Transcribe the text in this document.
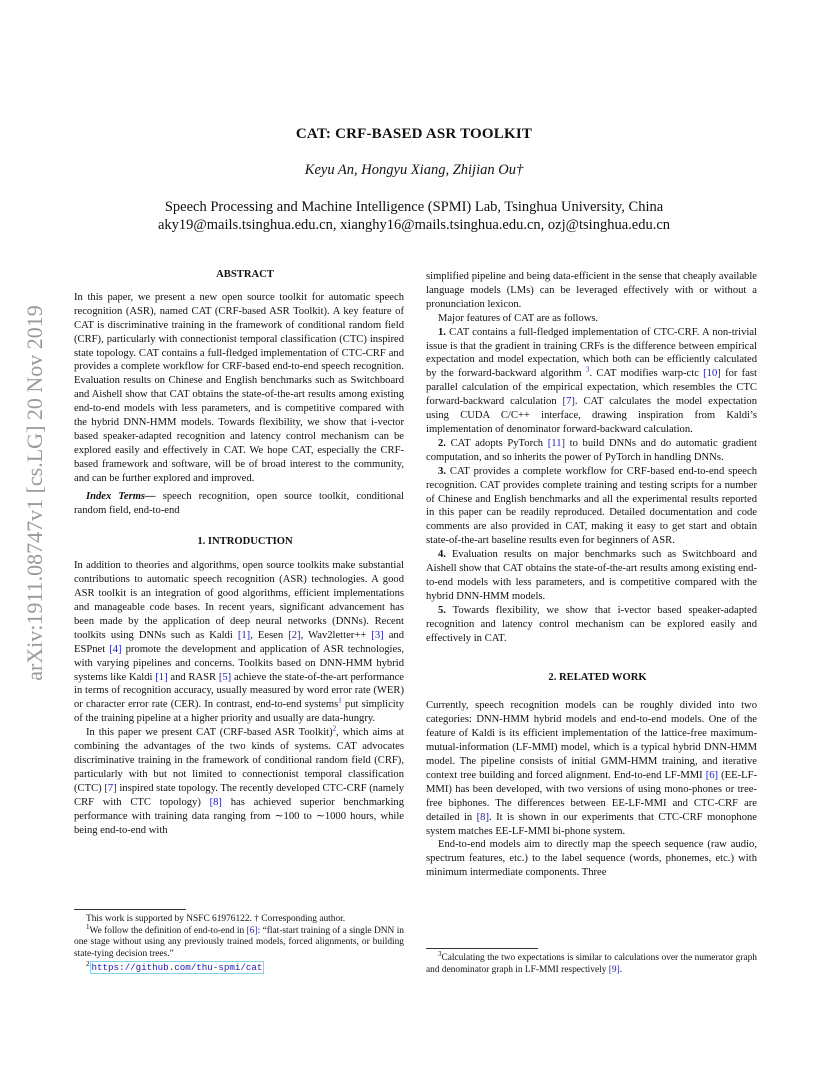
CAT: CRF-BASED ASR TOOLKIT
Keyu An, Hongyu Xiang, Zhijian Ou†
Speech Processing and Machine Intelligence (SPMI) Lab, Tsinghua University, China
aky19@mails.tsinghua.edu.cn, xianghy16@mails.tsinghua.edu.cn, ozj@tsinghua.edu.cn
arXiv:1911.08747v1 [cs.LG] 20 Nov 2019

ABSTRACT

In this paper, we present a new open source toolkit for automatic speech recognition (ASR), named CAT (CRF-based ASR Toolkit). A key feature of CAT is discriminative training in the framework of conditional random field (CRF), particularly with connectionist temporal classification (CTC) inspired state topology. CAT contains a full-fledged implementation of CTC-CRF and provides a complete workflow for CRF-based end-to-end speech recognition. Evaluation results on Chinese and English benchmarks such as Switchboard and Aishell show that CAT obtains the state-of-the-art results among existing end-to-end models with less parameters, and is competitive compared with the hybrid DNN-HMM models. Towards flexibility, we show that i-vector based speaker-adapted recognition and latency control mechanism can be explored easily and effectively in CAT. We hope CAT, especially the CRF-based framework and software, will be of broad interest to the community, and can be further explored and improved.

Index Terms— speech recognition, open source toolkit, conditional random field, end-to-end

1. INTRODUCTION

In addition to theories and algorithms, open source toolkits make substantial contributions to automatic speech recognition (ASR) technologies. A good ASR toolkit is an integration of good algorithms, efficient implementations and manageable code bases. In recent years, significant advancement has been made by the application of deep neural networks (DNNs). Recent toolkits using DNNs such as Kaldi [1], Eesen [2], Wav2letter++ [3] and ESPnet [4] promote the development and application of ASR technologies, with varying pipelines and concerns. Toolkits based on DNN-HMM hybrid systems like Kaldi [1] and RASR [5] achieve the state-of-the-art performance in terms of recognition accuracy, usually measured by word error rate (WER) or character error rate (CER). In contrast, end-to-end systems$^1$ put simplicity of the training pipeline at a higher priority and usually are data-hungry.

In this paper we present CAT (CRF-based ASR Toolkit)$^2$, which aims at combining the advantages of the two kinds of systems. CAT advocates discriminative training in the framework of conditional random field (CRF), particularly with but not limited to connectionist temporal classification (CTC) [7] inspired state topology. The recently developed CTC-CRF (namely CRF with CTC topology) [8] has achieved superior benchmarking performance with training data ranging from ∼100 to ∼1000 hours, while being end-to-end with

This work is supported by NSFC 61976122. † Corresponding author.

$^1$We follow the definition of end-to-end in [6]: “flat-start training of a single DNN in one stage without using any previously trained models, forced alignments, or building state-tying decision trees.”

$^2$ https://github.com/thu-spmi/cat

simplified pipeline and being data-efficient in the sense that cheaply available language models (LMs) can be leveraged effectively with or without a pronunciation lexicon.

Major features of CAT are as follows.

1. CAT contains a full-fledged implementation of CTC-CRF. A non-trivial issue is that the gradient in training CRFs is the difference between empirical expectation and model expectation, which both can be efficiently calculated by the forward-backward algorithm $^3$. CAT modifies warp-ctc [10] for fast parallel calculation of the empirical expectation, which resembles the CTC forward-backward calculation [7]. CAT calculates the model expectation using CUDA C/C++ interface, drawing inspiration from Kaldi’s implementation of denominator forward-backward calculation.

2. CAT adopts PyTorch [11] to build DNNs and do automatic gradient computation, and so inherits the power of PyTorch in handling DNNs.

3. CAT provides a complete workflow for CRF-based end-to-end speech recognition. CAT provides complete training and testing scripts for a number of Chinese and English benchmarks and all the experimental results reported in this paper can be readily reproduced. Detailed documentation and code comments are also provided in CAT, making it easy to get start and obtain state-of-the-art baseline results even for beginners of ASR.

4. Evaluation results on major benchmarks such as Switchboard and Aishell show that CAT obtains the state-of-the-art results among existing end-to-end models with less parameters, and is competitive compared with the hybrid DNN-HMM models.

5. Towards flexibility, we show that i-vector based speaker-adapted recognition and latency control mechanism can be explored easily and effectively in CAT.

2. RELATED WORK

Currently, speech recognition models can be roughly divided into two categories: DNN-HMM hybrid models and end-to-end models. One of the feature of Kaldi is its efficient implementation of the lattice-free maximum-mutual-information (LF-MMI) model, which is a typical hybrid DNN-HMM model. The pipeline consists of initial GMM-HMM training, and iterative context tree building and forced alignment. End-to-end LF-MMI [6] (EE-LF-MMI) has been developed, with two versions of using mono-phones or tree-free biphones. The differences between EE-LF-MMI and CTC-CRF are detailed in [8]. It is shown in our experiments that CTC-CRF monophone system matches EE-LF-MMI bi-phone system.

End-to-end models aim to directly map the speech sequence (raw audio, spectrum features, etc.) to the label sequence (words, phonemes, etc.) with minimum intermediate components. Three

$^3$Calculating the two expectations is similar to calculations over the numerator graph and denominator graph in LF-MMI respectively [9].
